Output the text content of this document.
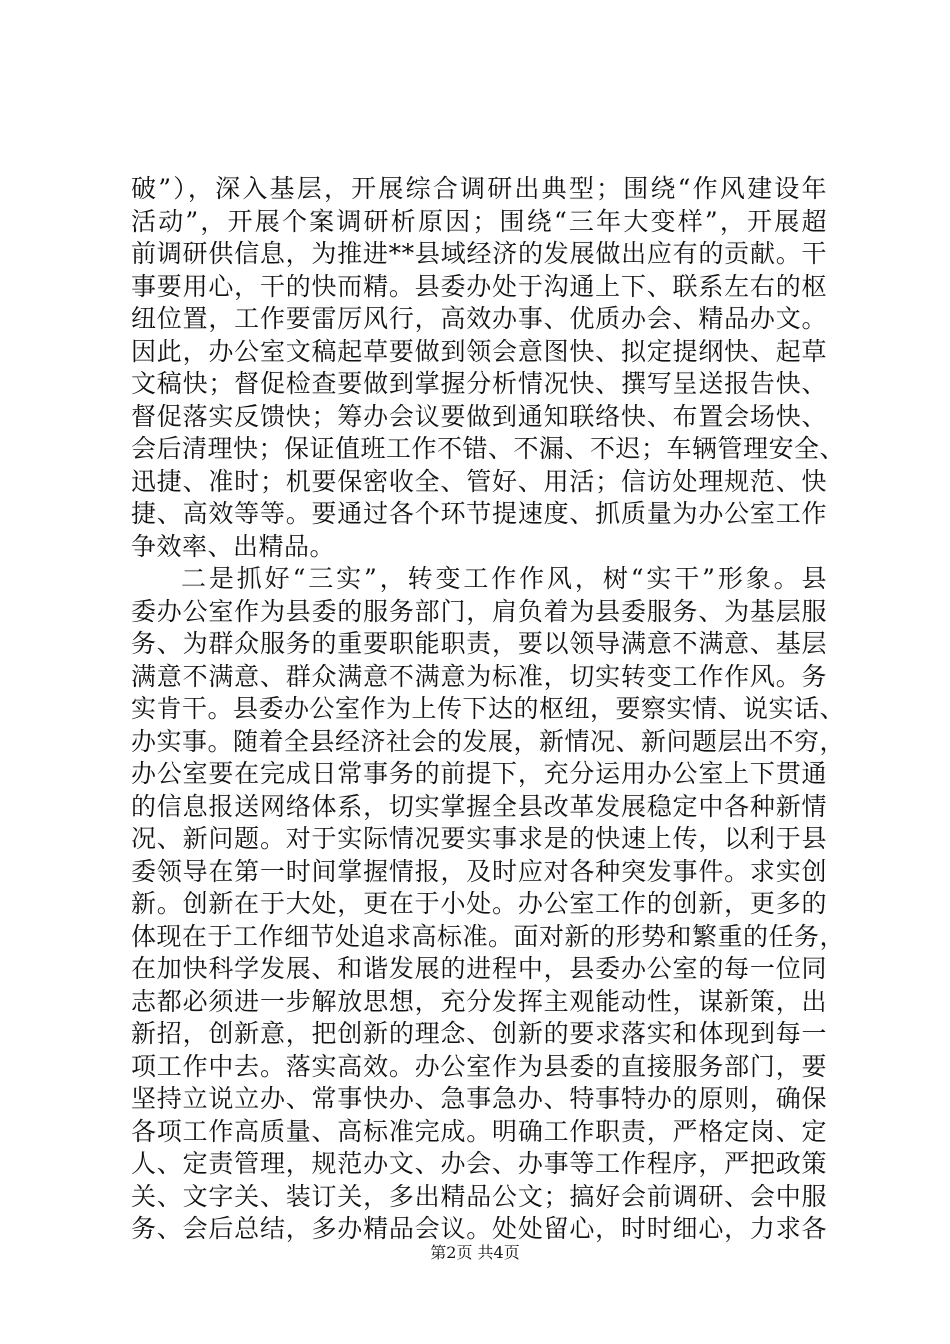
破”），深入基层，开展综合调研出典型；围绕“作风建设年
活动”，开展个案调研析原因；围绕“三年大变样”，开展超
前调研供信息，为推进**县域经济的发展做出应有的贡献。干
事要用心，干的快而精。县委办处于沟通上下、联系左右的枢
纽位置，工作要雷厉风行，高效办事、优质办会、精品办文。
因此，办公室文稿起草要做到领会意图快、拟定提纲快、起草
文稿快；督促检查要做到掌握分析情况快、撰写呈送报告快、
督促落实反馈快；筹办会议要做到通知联络快、布置会场快、
会后清理快；保证值班工作不错、不漏、不迟；车辆管理安全、
迅捷、准时；机要保密收全、管好、用活；信访处理规范、快
捷、高效等等。要通过各个环节提速度、抓质量为办公室工作
争效率、出精品。
二是抓好“三实”，转变工作作风，树“实干”形象。县
委办公室作为县委的服务部门，肩负着为县委服务、为基层服
务、为群众服务的重要职能职责，要以领导满意不满意、基层
满意不满意、群众满意不满意为标准，切实转变工作作风。务
实肯干。县委办公室作为上传下达的枢纽，要察实情、说实话、
办实事。随着全县经济社会的发展，新情况、新问题层出不穷，
办公室要在完成日常事务的前提下，充分运用办公室上下贯通
的信息报送网络体系，切实掌握全县改革发展稳定中各种新情
况、新问题。对于实际情况要实事求是的快速上传，以利于县
委领导在第一时间掌握情报，及时应对各种突发事件。求实创
新。创新在于大处，更在于小处。办公室工作的创新，更多的
体现在于工作细节处追求高标准。面对新的形势和繁重的任务，
在加快科学发展、和谐发展的进程中，县委办公室的每一位同
志都必须进一步解放思想，充分发挥主观能动性，谋新策，出
新招，创新意，把创新的理念、创新的要求落实和体现到每一
项工作中去。落实高效。办公室作为县委的直接服务部门，要
坚持立说立办、常事快办、急事急办、特事特办的原则，确保
各项工作高质量、高标准完成。明确工作职责，严格定岗、定
人、定责管理，规范办文、办会、办事等工作程序，严把政策
关、文字关、装订关，多出精品公文；搞好会前调研、会中服
务、会后总结，多办精品会议。处处留心，时时细心，力求各
第2页 共4页
